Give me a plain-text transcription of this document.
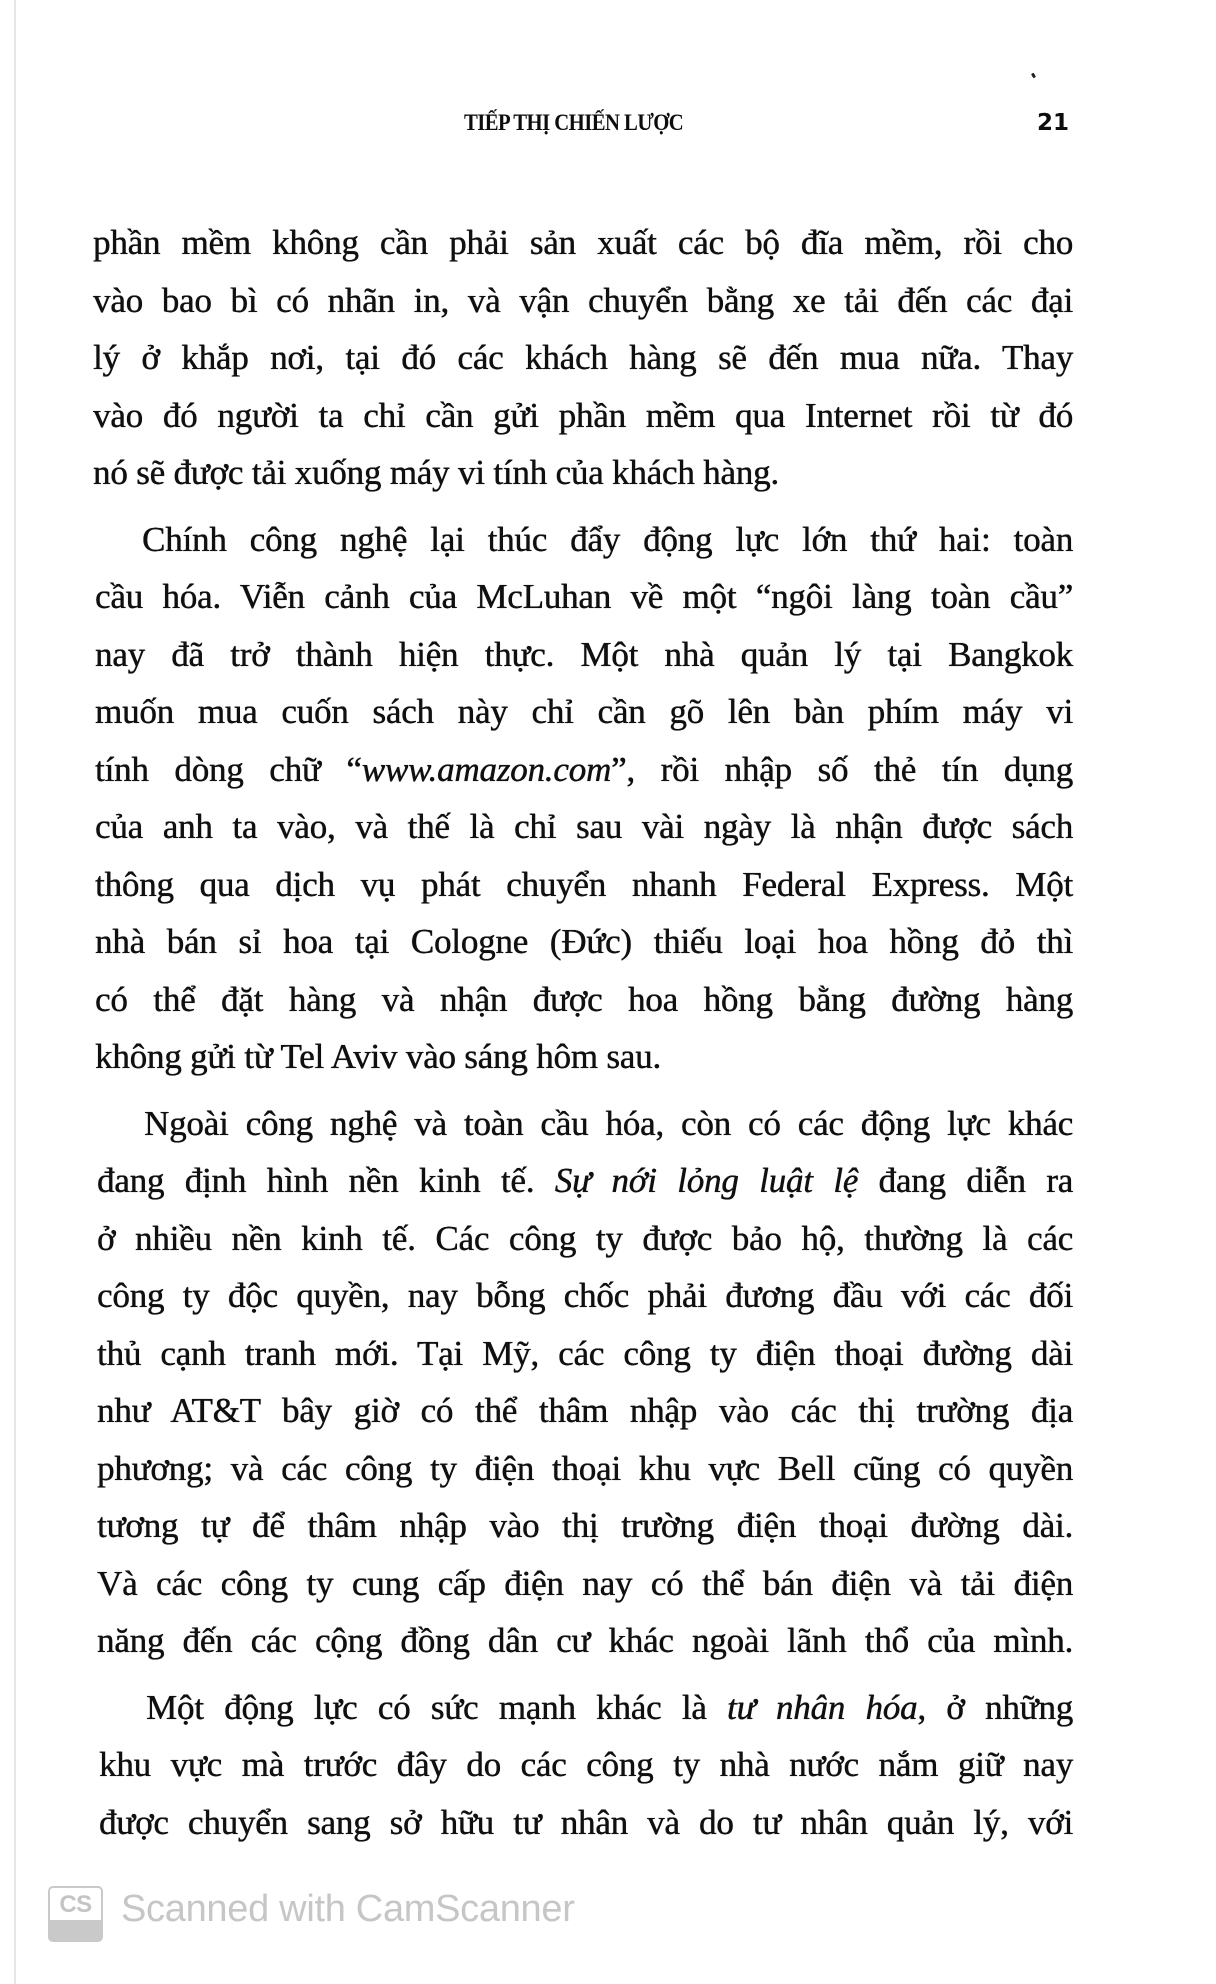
TIẾP THỊ CHIẾN LƯỢC	21
phần mềm không cần phải sản xuất các bộ đĩa mềm, rồi cho
vào bao bì có nhãn in, và vận chuyển bằng xe tải đến các đại
lý ở khắp nơi, tại đó các khách hàng sẽ đến mua nữa. Thay
vào đó người ta chỉ cần gửi phần mềm qua Internet rồi từ đó
nó sẽ được tải xuống máy vi tính của khách hàng.
Chính công nghệ lại thúc đẩy động lực lớn thứ hai: toàn
cầu hóa. Viễn cảnh của McLuhan về một “ngôi làng toàn cầu”
nay đã trở thành hiện thực. Một nhà quản lý tại Bangkok
muốn mua cuốn sách này chỉ cần gõ lên bàn phím máy vi
tính dòng chữ “www.amazon.com”, rồi nhập số thẻ tín dụng
của anh ta vào, và thế là chỉ sau vài ngày là nhận được sách
thông qua dịch vụ phát chuyển nhanh Federal Express. Một
nhà bán sỉ hoa tại Cologne (Đức) thiếu loại hoa hồng đỏ thì
có thể đặt hàng và nhận được hoa hồng bằng đường hàng
không gửi từ Tel Aviv vào sáng hôm sau.
Ngoài công nghệ và toàn cầu hóa, còn có các động lực khác
đang định hình nền kinh tế. Sự nới lỏng luật lệ đang diễn ra
ở nhiều nền kinh tế. Các công ty được bảo hộ, thường là các
công ty độc quyền, nay bỗng chốc phải đương đầu với các đối
thủ cạnh tranh mới. Tại Mỹ, các công ty điện thoại đường dài
như AT&T bây giờ có thể thâm nhập vào các thị trường địa
phương; và các công ty điện thoại khu vực Bell cũng có quyền
tương tự để thâm nhập vào thị trường điện thoại đường dài.
Và các công ty cung cấp điện nay có thể bán điện và tải điện
năng đến các cộng đồng dân cư khác ngoài lãnh thổ của mình.
Một động lực có sức mạnh khác là tư nhân hóa, ở những
khu vực mà trước đây do các công ty nhà nước nắm giữ nay
được chuyển sang sở hữu tư nhân và do tư nhân quản lý, với
CS Scanned with CamScanner
